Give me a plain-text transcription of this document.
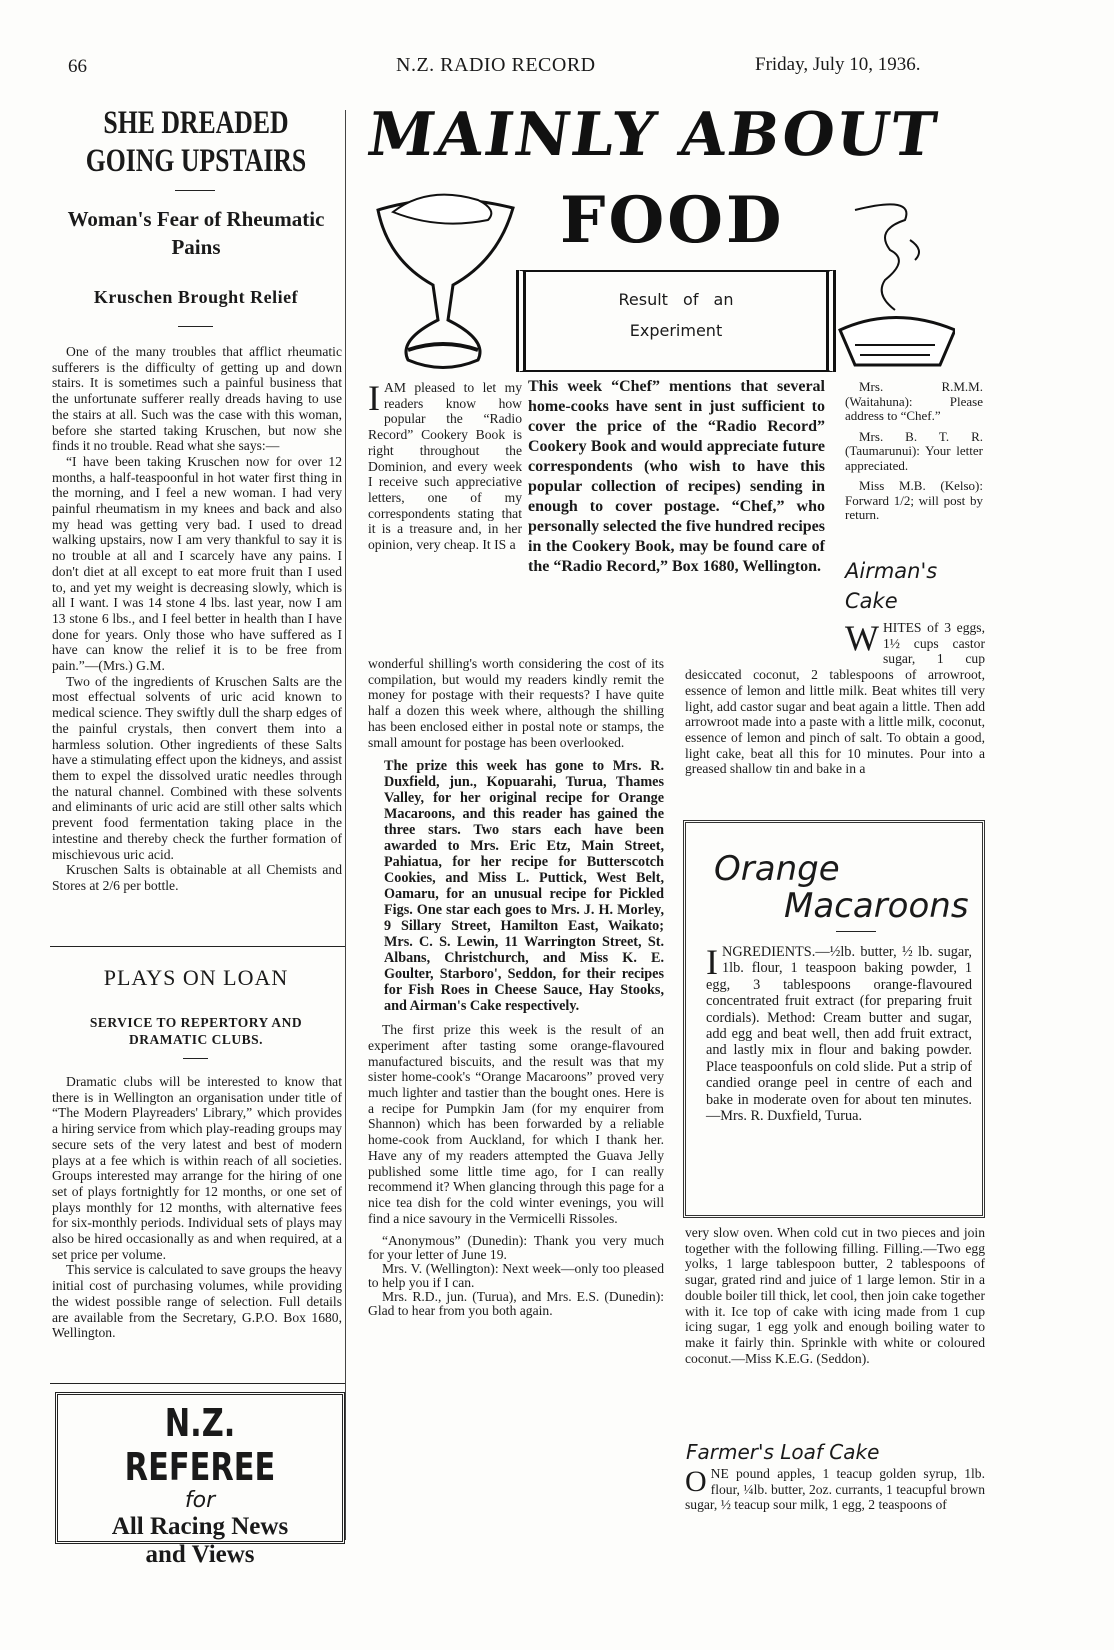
66	N.Z. RADIO RECORD	Friday, July 10, 1936.
SHE DREADED GOING UPSTAIRS
Woman's Fear of Rheumatic Pains
Kruschen Brought Relief

One of the many troubles that afflict rheumatic sufferers is the difficulty of getting up and down stairs. It is sometimes such a painful business that the unfortunate sufferer really dreads having to use the stairs at all. Such was the case with this woman, before she started taking Kruschen, but now she finds it no trouble. Read what she says:—

“I have been taking Kruschen now for over 12 months, a half-teaspoonful in hot water first thing in the morning, and I feel a new woman. I had very painful rheumatism in my knees and back and also my head was getting very bad. I used to dread walking upstairs, now I am very thankful to say it is no trouble at all and I scarcely have any pains. I don't diet at all except to eat more fruit than I used to, and yet my weight is decreasing slowly, which is all I want. I was 14 stone 4 lbs. last year, now I am 13 stone 6 lbs., and I feel better in health than I have done for years. Only those who have suffered as I have can know the relief it is to be free from pain.”—(Mrs.) G.M.

Two of the ingredients of Kruschen Salts are the most effectual solvents of uric acid known to medical science. They swiftly dull the sharp edges of the painful crystals, then convert them into a harmless solution. Other ingredients of these Salts have a stimulating effect upon the kidneys, and assist them to expel the dissolved uratic needles through the natural channel. Combined with these solvents and eliminants of uric acid are still other salts which prevent food fermentation taking place in the intestine and thereby check the further formation of mischievous uric acid.

Kruschen Salts is obtainable at all Chemists and Stores at 2/6 per bottle.

PLAYS ON LOAN
SERVICE TO REPERTORY AND DRAMATIC CLUBS.

Dramatic clubs will be interested to know that there is in Wellington an organisation under title of “The Modern Playreaders' Library,” which provides a hiring service from which play-reading groups may secure sets of the very latest and best of modern plays at a fee which is within reach of all societies. Groups interested may arrange for the hiring of one set of plays fortnightly for 12 months, or one set of plays monthly for 12 months, with alternative fees for six-monthly periods. Individual sets of plays may also be hired occasionally as and when required, at a set price per volume.

This service is calculated to save groups the heavy initial cost of purchasing volumes, while providing the widest possible range of selection. Full details are available from the Secretary, G.P.O. Box 1680, Wellington.

N.Z. REFEREE
for
All Racing News
and Views
MAINLY ABOUT
FOOD
Result of an
Experiment
IAM pleased to let my readers know how popular the “Radio Record” Cookery Book is right throughout the Dominion, and every week I receive such appreciative letters, one of my correspondents stating that it is a treasure and, in her opinion, very cheap. It IS a
This week “Chef” mentions that several home-cooks have sent in just sufficient to cover the price of the “Radio Record” Cookery Book and would appreciate future correspondents (who wish to have this popular collection of recipes) sending in enough to cover postage. “Chef,” who personally selected the five hundred recipes in the Cookery Book, may be found care of the “Radio Record,” Box 1680, Wellington.

wonderful shilling's worth considering the cost of its compilation, but would my readers kindly remit the money for postage with their requests? I have quite half a dozen this week where, although the shilling has been enclosed either in postal note or stamps, the small amount for postage has been overlooked.

The prize this week has gone to Mrs. R. Duxfield, jun., Kopuarahi, Turua, Thames Valley, for her original recipe for Orange Macaroons, and this reader has gained the three stars. Two stars each have been awarded to Mrs. Eric Etz, Main Street, Pahiatua, for her recipe for Butterscotch Cookies, and Miss L. Puttick, West Belt, Oamaru, for an unusual recipe for Pickled Figs. One star each goes to Mrs. J. H. Morley, 9 Sillary Street, Hamilton East, Waikato; Mrs. C. S. Lewin, 11 Warrington Street, St. Albans, Christchurch, and Miss K. E. Goulter, Starboro', Seddon, for their recipes for Fish Roes in Cheese Sauce, Hay Stooks, and Airman's Cake respectively.

The first prize this week is the result of an experiment after tasting some orange-flavoured manufactured biscuits, and the result was that my sister home-cook's “Orange Macaroons” proved very much lighter and tastier than the bought ones. Here is a recipe for Pumpkin Jam (for my enquirer from Shannon) which has been forwarded by a reliable home-cook from Auckland, for which I thank her. Have any of my readers attempted the Guava Jelly published some little time ago, for I can really recommend it? When glancing through this page for a nice tea dish for the cold winter evenings, you will find a nice savoury in the Vermicelli Rissoles.

“Anonymous” (Dunedin): Thank you very much for your letter of June 19.

Mrs. V. (Wellington): Next week—only too pleased to help you if I can.

Mrs. R.D., jun. (Turua), and Mrs. E.S. (Dunedin): Glad to hear from you both again.

Mrs. R.M.M. (Waitahuna): Please address to “Chef.”

Mrs. B. T. R. (Taumarunui): Your letter appreciated.

Miss M.B. (Kelso): Forward 1/2; will post by return.

Airman's Cake
W HITES of 3 eggs, 1½ cups castor sugar, 1 cup desiccated coconut, 2 tablespoons of arrowroot, essence of lemon and little milk. Beat whites till very light, add castor sugar and beat again a little. Then add arrowroot made into a paste with a little milk, coconut, essence of lemon and pinch of salt. To obtain a good, light cake, beat all this for 10 minutes. Pour into a greased shallow tin and bake in a
Orange
Macaroons
INGREDIENTS.—½lb. butter, ½ lb. sugar, 1lb. flour, 1 teaspoon baking powder, 1 egg, 3 tablespoons orange-flavoured concentrated fruit extract (for preparing fruit cordials). Method: Cream butter and sugar, add egg and beat well, then add fruit extract, and lastly mix in flour and baking powder. Place teaspoonfuls on cold slide. Put a strip of candied orange peel in centre of each and bake in moderate oven for about ten minutes.—Mrs. R. Duxfield, Turua.
very slow oven. When cold cut in two pieces and join together with the following filling. Filling.—Two egg yolks, 1 large tablespoon butter, 2 tablespoons of sugar, grated rind and juice of 1 large lemon. Stir in a double boiler till thick, let cool, then join cake together with it. Ice top of cake with icing made from 1 cup icing sugar, 1 egg yolk and enough boiling water to make it fairly thin. Sprinkle with white or coloured coconut.—Miss K.E.G. (Seddon).
Farmer's Loaf Cake
ONE pound apples, 1 teacup golden syrup, 1lb. flour, ¼lb. butter, 2oz. currants, 1 teacupful brown sugar, ½ teacup sour milk, 1 egg, 2 teaspoons of
